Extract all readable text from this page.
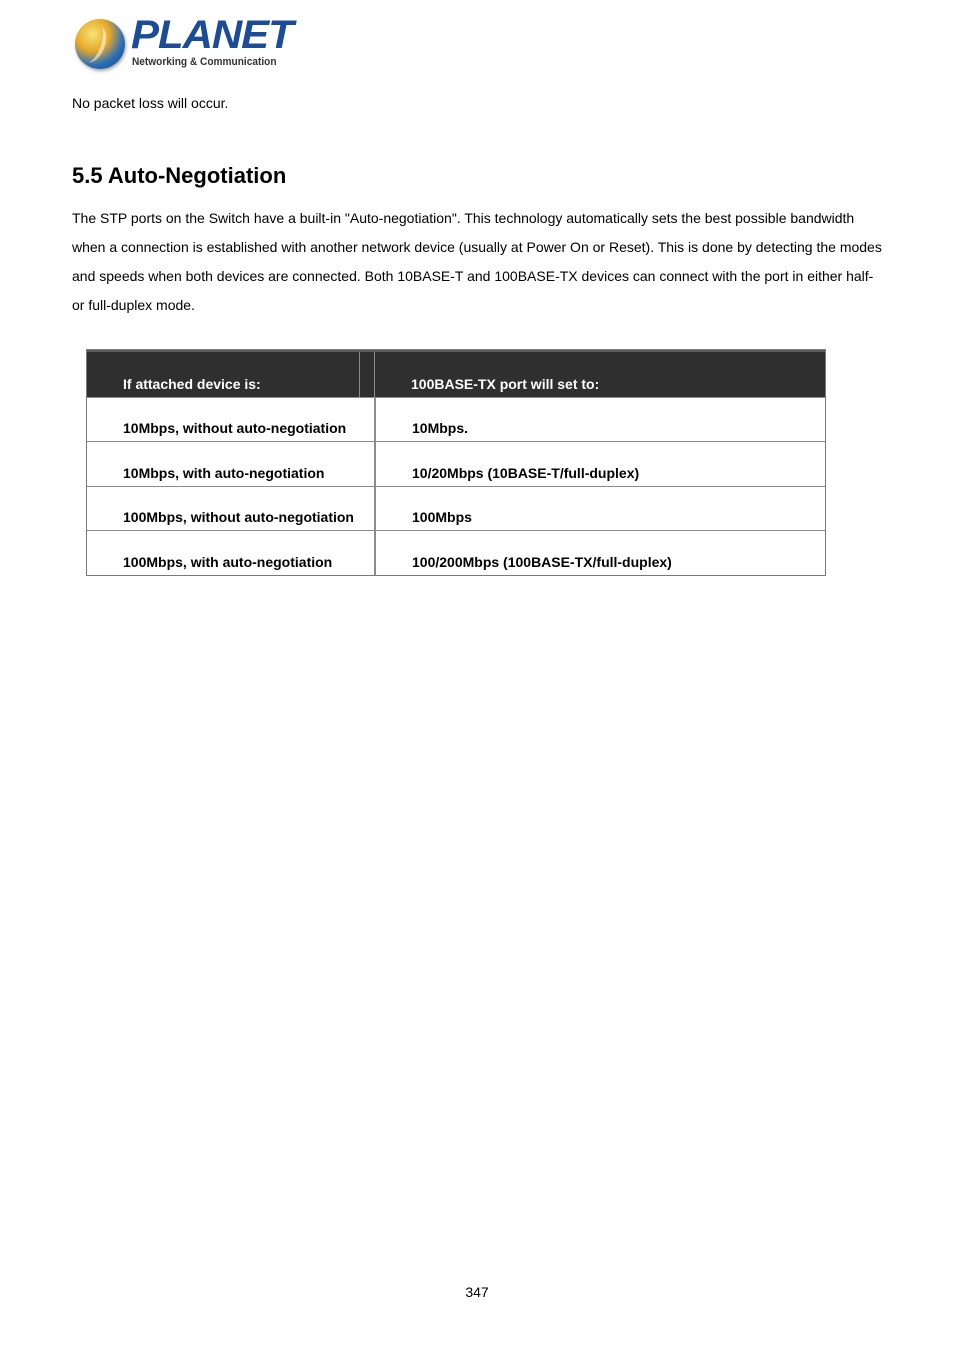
PLANET
Networking & Communication

No packet loss will occur.

5.5 Auto-Negotiation

The STP ports on the Switch have a built-in "Auto-negotiation". This technology automatically sets the best possible bandwidth when a connection is established with another network device (usually at Power On or Reset). This is done by detecting the modes and speeds when both devices are connected. Both 10BASE-T and 100BASE-TX devices can connect with the port in either half- or full-duplex mode.

If attached device is:	100BASE-TX port will set to:
10Mbps, without auto-negotiation	10Mbps.
10Mbps, with auto-negotiation	10/20Mbps (10BASE-T/full-duplex)
100Mbps, without auto-negotiation	100Mbps
100Mbps, with auto-negotiation	100/200Mbps (100BASE-TX/full-duplex)
347
